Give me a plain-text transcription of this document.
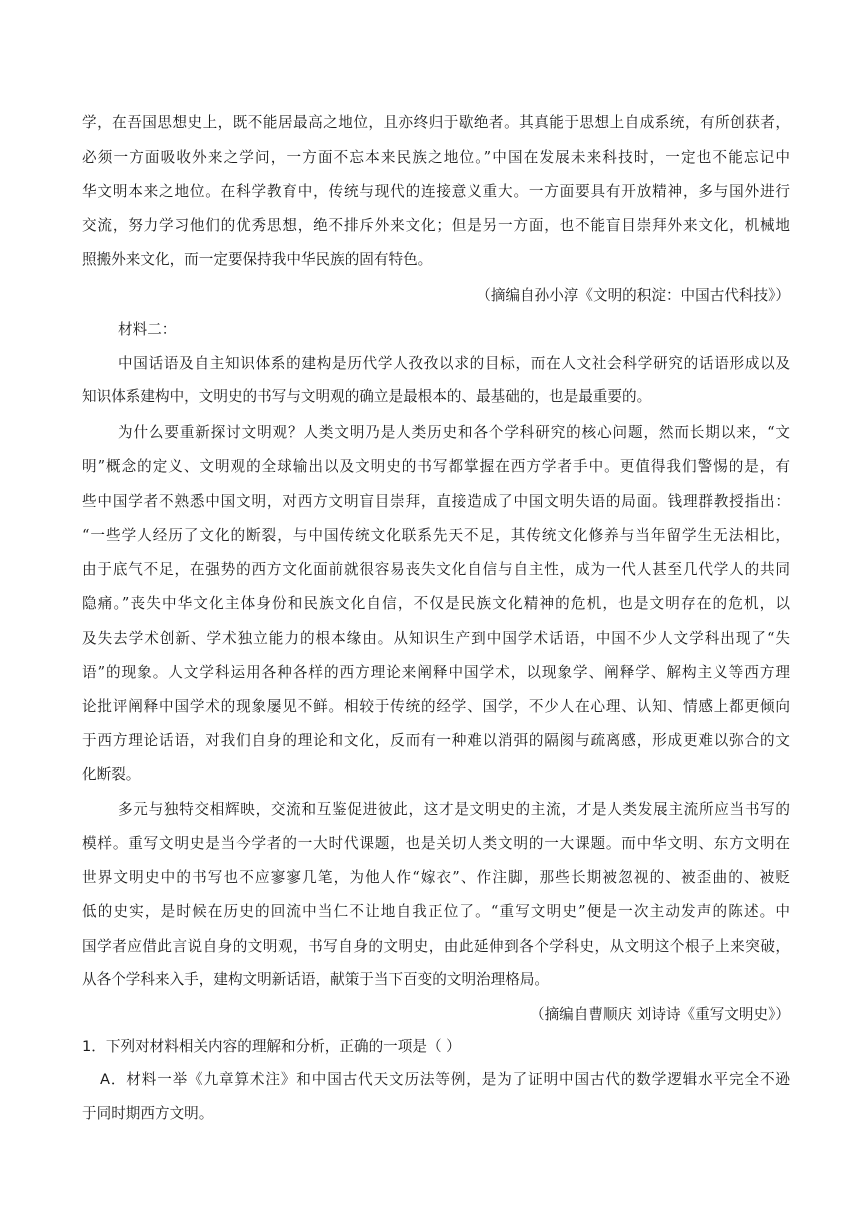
学，在吾国思想史上，既不能居最高之地位，且亦终归于歇绝者。其真能于思想上自成系统，有所创获者，
必须一方面吸收外来之学问，一方面不忘本来民族之地位。”中国在发展未来科技时，一定也不能忘记中
华文明本来之地位。在科学教育中，传统与现代的连接意义重大。一方面要具有开放精神，多与国外进行
交流，努力学习他们的优秀思想，绝不排斥外来文化；但是另一方面，也不能盲目崇拜外来文化，机械地
照搬外来文化，而一定要保持我中华民族的固有特色。
（摘编自孙小淳《文明的积淀：中国古代科技》）
材料二：
中国话语及自主知识体系的建构是历代学人孜孜以求的目标，而在人文社会科学研究的话语形成以及
知识体系建构中，文明史的书写与文明观的确立是最根本的、最基础的，也是最重要的。
为什么要重新探讨文明观？人类文明乃是人类历史和各个学科研究的核心问题，然而长期以来，“文
明”概念的定义、文明观的全球输出以及文明史的书写都掌握在西方学者手中。更值得我们警惕的是，有
些中国学者不熟悉中国文明，对西方文明盲目崇拜，直接造成了中国文明失语的局面。钱理群教授指出：
“一些学人经历了文化的断裂，与中国传统文化联系先天不足，其传统文化修养与当年留学生无法相比，
由于底气不足，在强势的西方文化面前就很容易丧失文化自信与自主性，成为一代人甚至几代学人的共同
隐痛。”丧失中华文化主体身份和民族文化自信，不仅是民族文化精神的危机，也是文明存在的危机，以
及失去学术创新、学术独立能力的根本缘由。从知识生产到中国学术话语，中国不少人文学科出现了“失
语”的现象。人文学科运用各种各样的西方理论来阐释中国学术，以现象学、阐释学、解构主义等西方理
论批评阐释中国学术的现象屡见不鲜。相较于传统的经学、国学，不少人在心理、认知、情感上都更倾向
于西方理论话语，对我们自身的理论和文化，反而有一种难以消弭的隔阂与疏离感，形成更难以弥合的文
化断裂。
多元与独特交相辉映，交流和互鉴促进彼此，这才是文明史的主流，才是人类发展主流所应当书写的
模样。重写文明史是当今学者的一大时代课题，也是关切人类文明的一大课题。而中华文明、东方文明在
世界文明史中的书写也不应寥寥几笔，为他人作“嫁衣”、作注脚，那些长期被忽视的、被歪曲的、被贬
低的史实，是时候在历史的回流中当仁不让地自我正位了。“重写文明史”便是一次主动发声的陈述。中
国学者应借此言说自身的文明观，书写自身的文明史，由此延伸到各个学科史，从文明这个根子上来突破，
从各个学科来入手，建构文明新话语，献策于当下百变的文明治理格局。
（摘编自曹顺庆 刘诗诗《重写文明史》）
1．下列对材料相关内容的理解和分析，正确的一项是（ ）
A．材料一举《九章算术注》和中国古代天文历法等例，是为了证明中国古代的数学逻辑水平完全不逊
于同时期西方文明。
